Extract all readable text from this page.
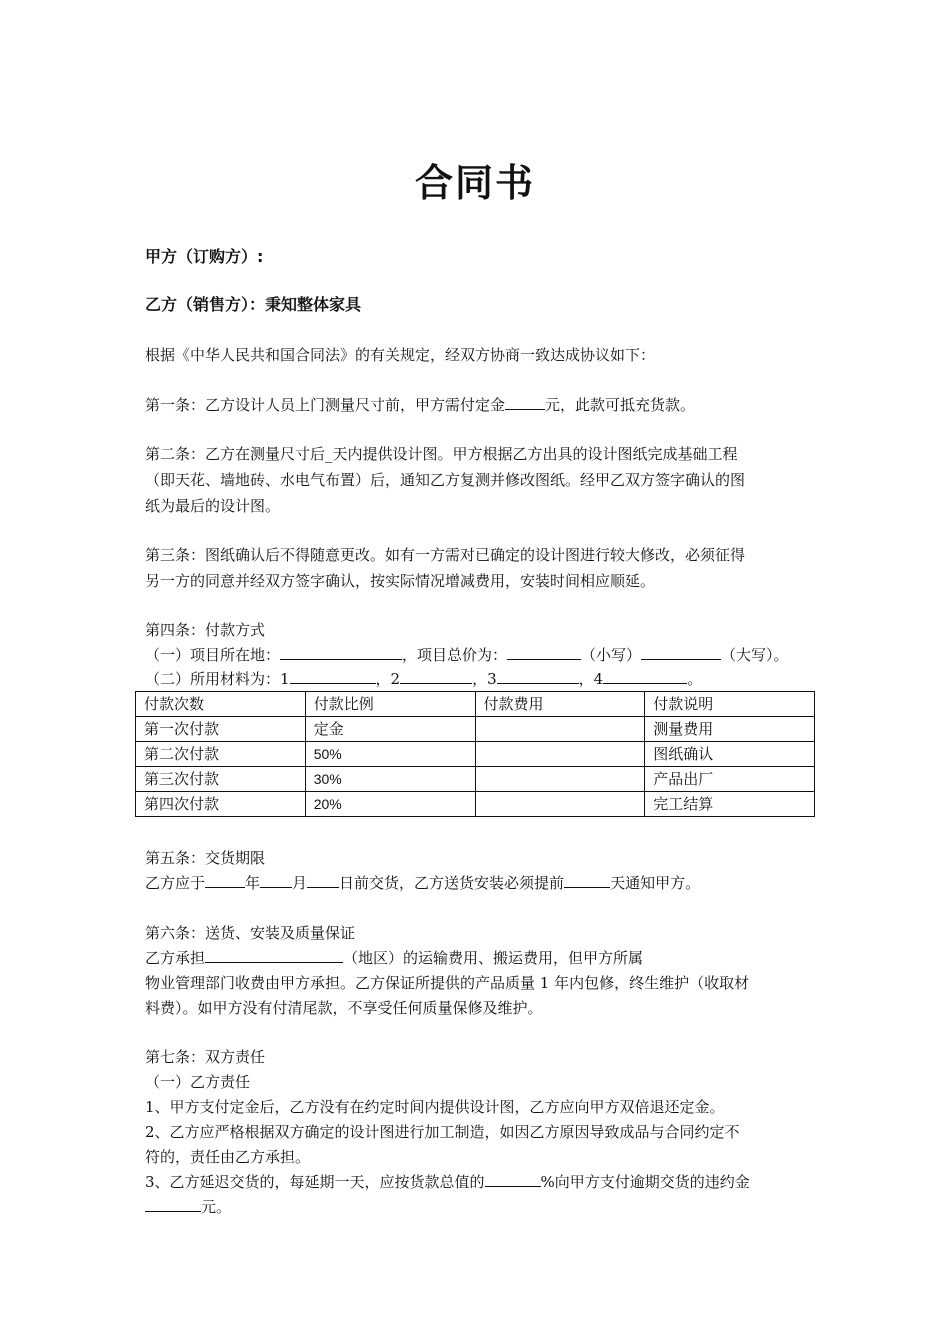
合同书
甲方（订购方）:
乙方（销售方）：秉知整体家具
根据《中华人民共和国合同法》的有关规定，经双方协商一致达成协议如下：
第一条：乙方设计人员上门测量尺寸前，甲方需付定金	元，此款可抵充货款。
第二条：乙方在测量尺寸后_天内提供设计图。甲方根据乙方出具的设计图纸完成基础工程
（即天花、墙地砖、水电气布置）后，通知乙方复测并修改图纸。经甲乙双方签字确认的图
纸为最后的设计图。
第三条：图纸确认后不得随意更改。如有一方需对已确定的设计图进行较大修改，必须征得
另一方的同意并经双方签字确认，按实际情况增减费用，安装时间相应顺延。
第四条：付款方式
（一）项目所在地：	，项目总价为：	（小写）	（大写）。
（二）所用材料为：1	，2	，3	，4	。
付款次数	付款比例	付款费用	付款说明
第一次付款	定金		测量费用
第二次付款	50%		图纸确认
第三次付款	30%		产品出厂
第四次付款	20%		完工结算
第五条：交货期限
乙方应于	年 月 日前交货，乙方送货安装必须提前	天通知甲方。
第六条：送货、安装及质量保证
乙方承担	（地区）的运输费用、搬运费用，但甲方所属
物业管理部门收费由甲方承担。乙方保证所提供的产品质量 1 年内包修，终生维护（收取材
料费）。如甲方没有付清尾款，不享受任何质量保修及维护。
第七条：双方责任
（一）乙方责任
1、甲方支付定金后，乙方没有在约定时间内提供设计图，乙方应向甲方双倍退还定金。
2、乙方应严格根据双方确定的设计图进行加工制造，如因乙方原因导致成品与合同约定不
符的，责任由乙方承担。
3、乙方延迟交货的，每延期一天，应按货款总值的	%向甲方支付逾期交货的违约金
元。
